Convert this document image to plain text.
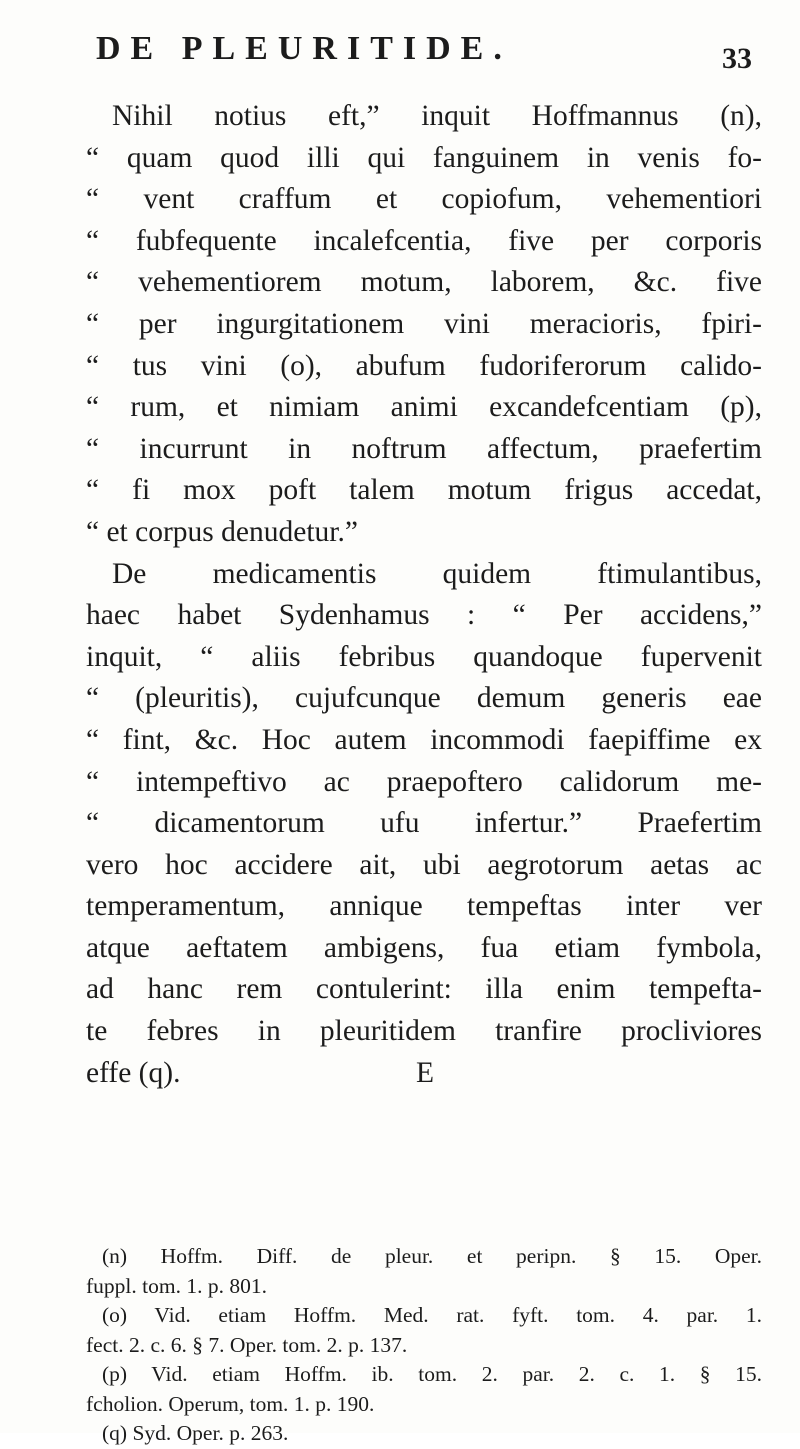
DE PLEURITIDE.	33
Nihil notius eft,” inquit Hoffmannus (n),
“ quam quod illi qui fanguinem in venis fo-
“ vent craffum et copiofum, vehementiori
“ fubfequente incalefcentia, five per corporis
“ vehementiorem motum, laborem, &c. five
“ per ingurgitationem vini meracioris, fpiri-
“ tus vini (o), abufum fudoriferorum calido-
“ rum, et nimiam animi excandefcentiam (p),
“ incurrunt in noftrum affectum, praefertim
“ fi mox poft talem motum frigus accedat,
“ et corpus denudetur.”
De medicamentis quidem ftimulantibus,
haec habet Sydenhamus : “ Per accidens,”
inquit, “ aliis febribus quandoque fupervenit
“ (pleuritis), cujufcunque demum generis eae
“ fint, &c. Hoc autem incommodi faepiffime ex
“ intempeftivo ac praepoftero calidorum me-
“ dicamentorum ufu infertur.” Praefertim
vero hoc accidere ait, ubi aegrotorum aetas ac
temperamentum, annique tempeftas inter ver
atque aeftatem ambigens, fua etiam fymbola,
ad hanc rem contulerint: illa enim tempefta-
te febres in pleuritidem tranfire procliviores
effe (q).	E
(n) Hoffm. Diff. de pleur. et peripn. § 15. Oper.
fuppl. tom. 1. p. 801.
(o) Vid. etiam Hoffm. Med. rat. fyft. tom. 4. par. 1.
fect. 2. c. 6. § 7. Oper. tom. 2. p. 137.
(p) Vid. etiam Hoffm. ib. tom. 2. par. 2. c. 1. § 15.
fcholion. Operum, tom. 1. p. 190.
(q) Syd. Oper. p. 263.
